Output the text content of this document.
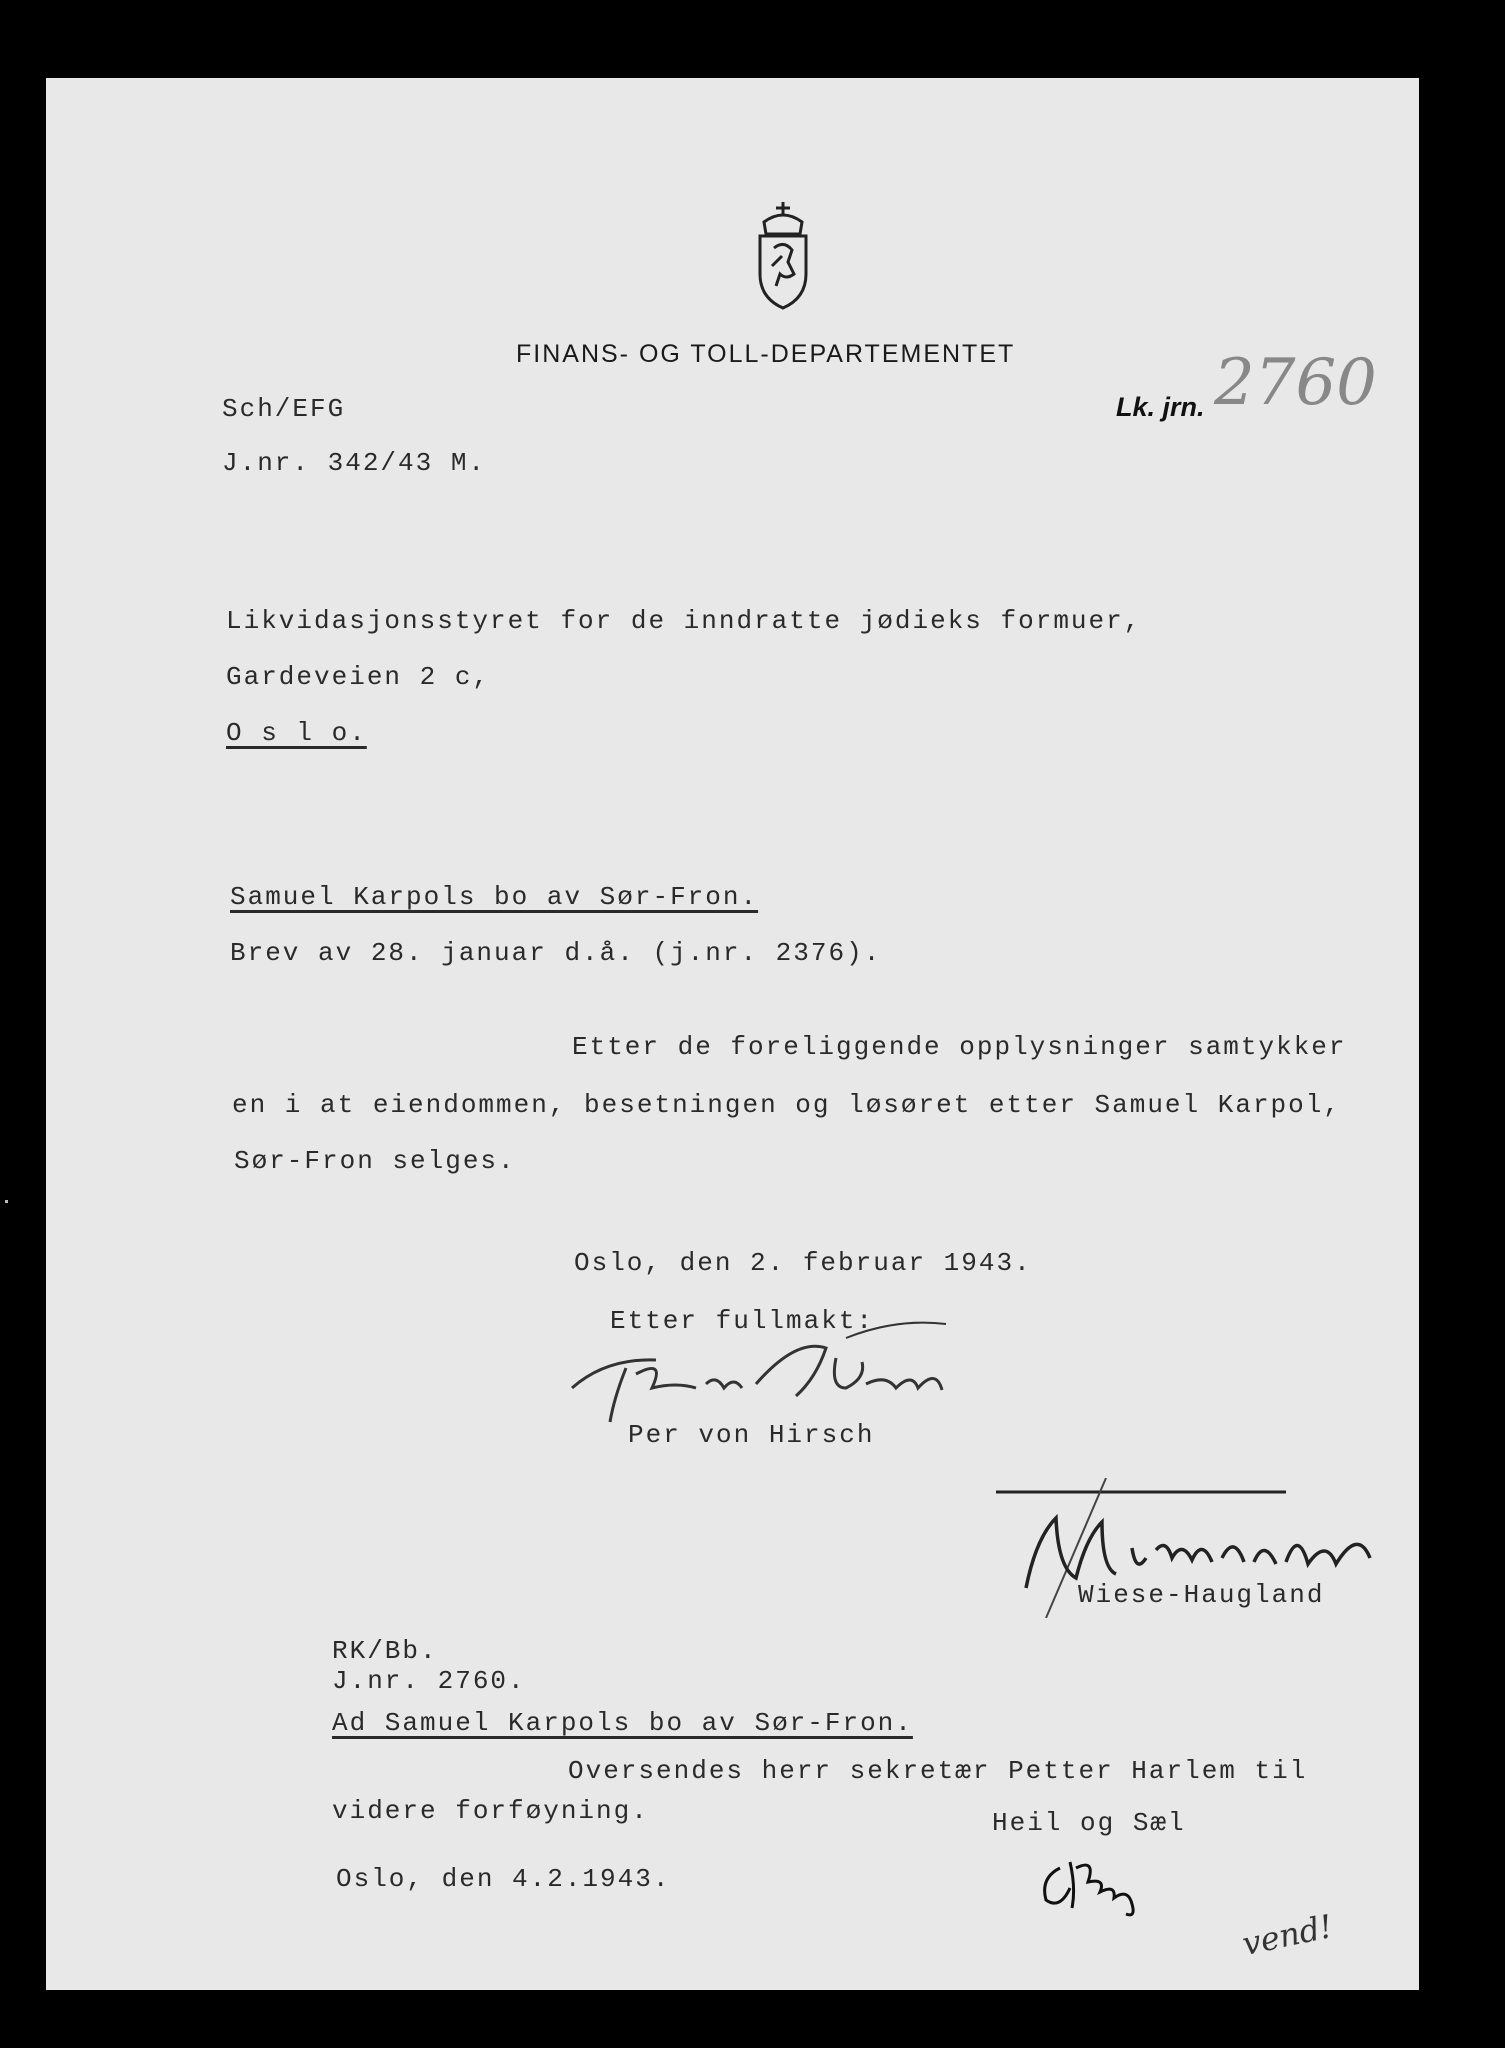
FINANS- OG TOLL-DEPARTEMENTET
Lk. jrn. 2760
Sch/EFG
J.nr. 342/43 M.
Likvidasjonsstyret for de inndratte jødieks formuer,
Gardeveien 2 c,
O s l o.
Samuel Karpols bo av Sør-Fron.
Brev av 28. januar d.å. (j.nr. 2376).
Etter de foreliggende opplysninger samtykker
en i at eiendommen, besetningen og løsøret etter Samuel Karpol,
Sør-Fron selges.
Oslo, den 2. februar 1943.
Etter fullmakt:
Per von Hirsch
Wiese-Haugland
RK/Bb.
J.nr. 2760.
Ad Samuel Karpols bo av Sør-Fron.
Oversendes herr sekretær Petter Harlem til
videre forføyning.	Heil og Sæl
Oslo, den 4.2.1943.
vend!
